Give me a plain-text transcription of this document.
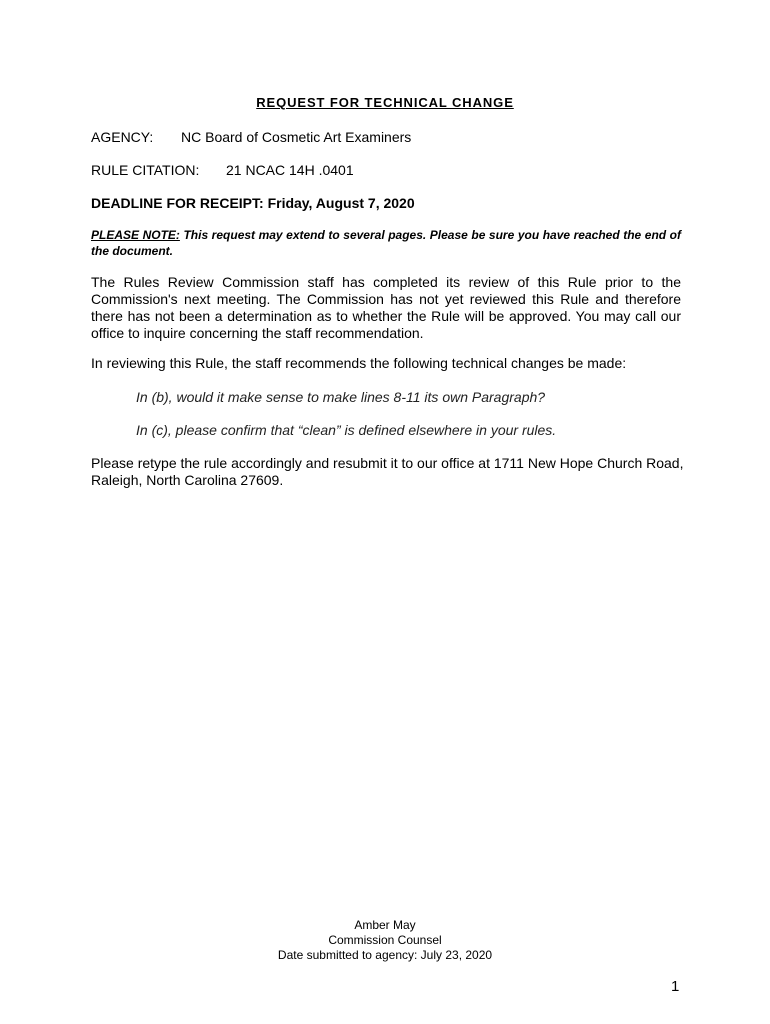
REQUEST FOR TECHNICAL CHANGE
AGENCY: NC Board of Cosmetic Art Examiners
RULE CITATION: 21 NCAC 14H .0401
DEADLINE FOR RECEIPT: Friday, August 7, 2020
PLEASE NOTE: This request may extend to several pages. Please be sure you have reached the end of the document.
The Rules Review Commission staff has completed its review of this Rule prior to the Commission's next meeting. The Commission has not yet reviewed this Rule and therefore there has not been a determination as to whether the Rule will be approved. You may call our office to inquire concerning the staff recommendation.
In reviewing this Rule, the staff recommends the following technical changes be made:
In (b), would it make sense to make lines 8-11 its own Paragraph?
In (c), please confirm that “clean” is defined elsewhere in your rules.
Please retype the rule accordingly and resubmit it to our office at 1711 New Hope Church Road, Raleigh, North Carolina 27609.
Amber May
Commission Counsel
Date submitted to agency: July 23, 2020
1
